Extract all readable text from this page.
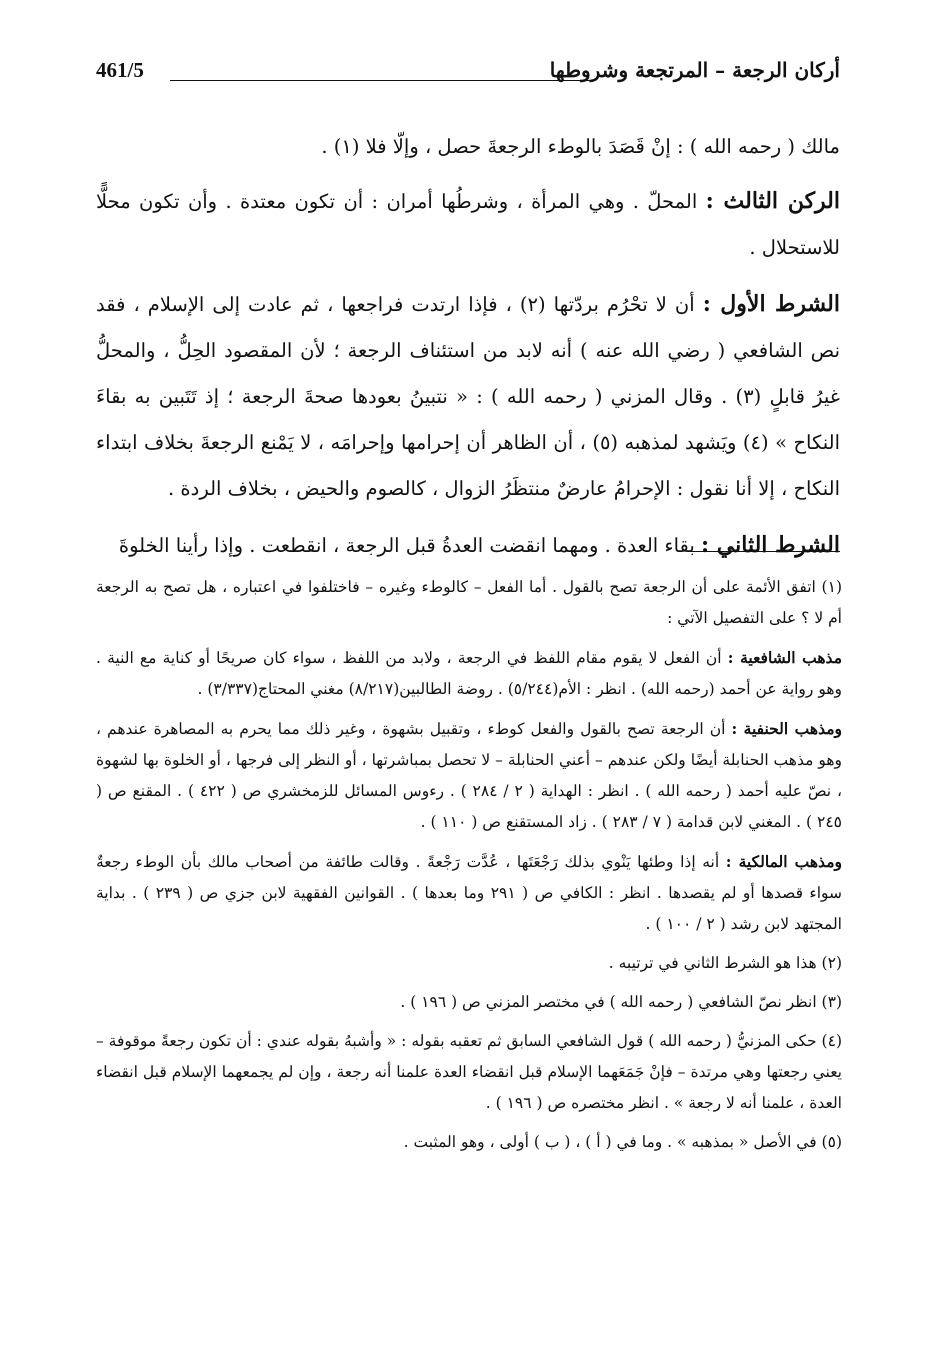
أركان الرجعة – المرتجعة وشروطها
461/5

مالك ( رحمه الله ) : إنْ قَصَدَ بالوطء الرجعةَ حصل ، وإلّا فلا (١) .

الركن الثالث : المحلّ . وهي المرأة ، وشرطُها أمران : أن تكون معتدة . وأن تكون محلًّا للاستحلال .

الشرط الأول : أن لا تحْرُم بردّتها (٢) ، فإذا ارتدت فراجعها ، ثم عادت إلى الإسلام ، فقد نص الشافعي ( رضي الله عنه ) أنه لابد من استئناف الرجعة ؛ لأن المقصود الحِلُّ ، والمحلُّ غيرُ قابلٍ (٣) . وقال المزني ( رحمه الله ) : « نتبينُ بعودها صحةَ الرجعة ؛ إذ تَتَبين به بقاءَ النكاح » (٤) ويَشهد لمذهبه (٥) ، أن الظاهر أن إحرامها وإحرامَه ، لا يَمْنع الرجعةَ بخلاف ابتداء النكاح ، إلا أنا نقول : الإحرامُ عارضٌ منتظَرُ الزوال ، كالصوم والحيض ، بخلاف الردة .

الشرط الثاني : بقاء العدة . ومهما انقضت العدةُ قبل الرجعة ، انقطعت . وإذا رأينا الخلوةَ

(١) اتفق الأئمة على أن الرجعة تصح بالقول . أما الفعل – كالوطء وغيره – فاختلفوا في اعتباره ، هل تصح به الرجعة أم لا ؟ على التفصيل الآتي :

مذهب الشافعية : أن الفعل لا يقوم مقام اللفظ في الرجعة ، ولابد من اللفظ ، سواء كان صريحًا أو كناية مع النية . وهو رواية عن أحمد (رحمه الله) . انظر : الأم(٥/٢٤٤) . روضة الطالبين(٨/٢١٧) مغني المحتاج(٣/٣٣٧) .

ومذهب الحنفية : أن الرجعة تصح بالقول والفعل كوطء ، وتقبيل بشهوة ، وغير ذلك مما يحرم به المصاهرة عندهم ، وهو مذهب الحنابلة أيضًا ولكن عندهم – أعني الحنابلة – لا تحصل بمباشرتها ، أو النظر إلى فرجها ، أو الخلوة بها لشهوة ، نصّ عليه أحمد ( رحمه الله ) . انظر : الهداية ( ٢ / ٢٨٤ ) . رءوس المسائل للزمخشري ص ( ٤٢٢ ) . المقنع ص ( ٢٤٥ ) . المغني لابن قدامة ( ٧ / ٢٨٣ ) . زاد المستقنع ص ( ١١٠ ) .

ومذهب المالكية : أنه إذا وطئها يَنْوي بذلك رَجْعَتَها ، عُدَّت رَجْعةً . وقالت طائفة من أصحاب مالك بأن الوطء رجعةٌ سواء قصدها أو لم يقصدها . انظر : الكافي ص ( ٢٩١ وما بعدها ) . القوانين الفقهية لابن جزي ص ( ٢٣٩ ) . بداية المجتهد لابن رشد ( ٢ / ١٠٠ ) .

(٢) هذا هو الشرط الثاني في ترتيبه .

(٣) انظر نصّ الشافعي ( رحمه الله ) في مختصر المزني ص ( ١٩٦ ) .

(٤) حكى المزنيُّ ( رحمه الله ) قول الشافعي السابق ثم تعقبه بقوله : « وأشبهُ بقوله عندي : أن تكون رجعةً موقوفة – يعني رجعتها وهي مرتدة – فإنْ جَمَعَهما الإسلام قبل انقضاء العدة علمنا أنه رجعة ، وإن لم يجمعهما الإسلام قبل انقضاء العدة ، علمنا أنه لا رجعة » . انظر مختصره ص ( ١٩٦ ) .

(٥) في الأصل « بمذهبه » . وما في ( أ ) ، ( ب ) أولى ، وهو المثبت .
